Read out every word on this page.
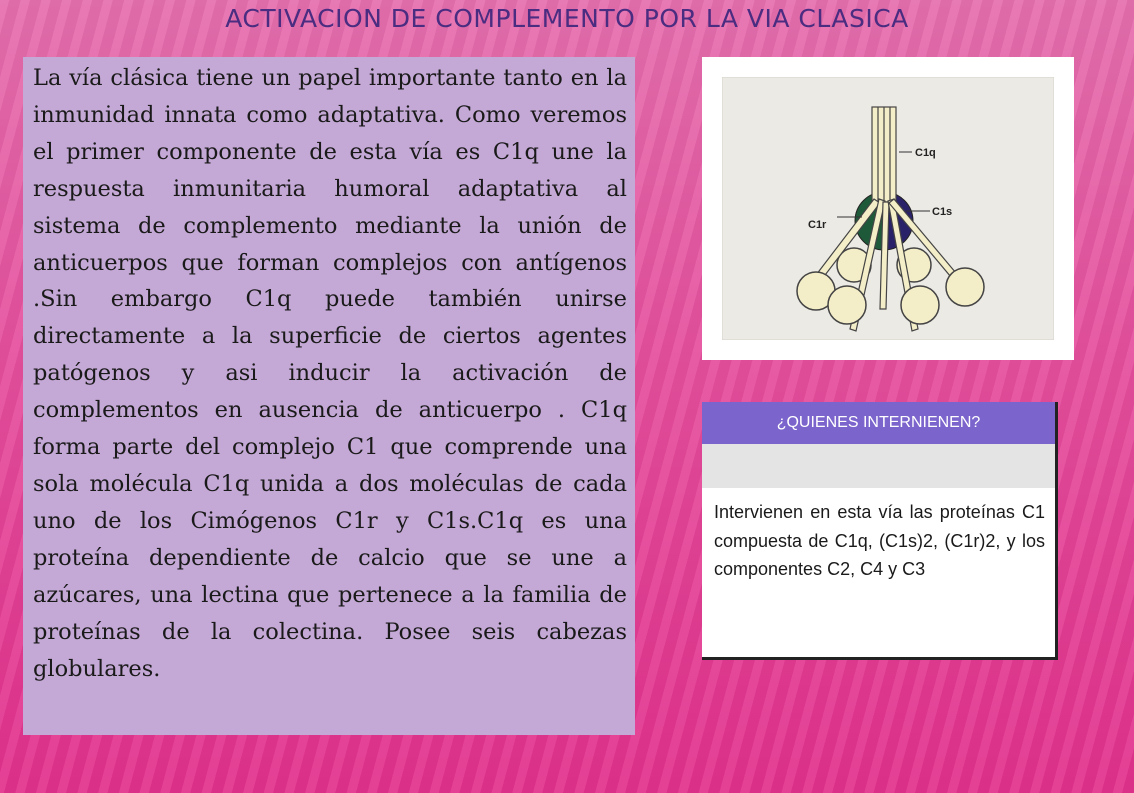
ACTIVACION DE COMPLEMENTO POR LA VIA CLASICA

La vía clásica tiene un papel importante tanto en la inmunidad innata como adaptativa. Como veremos el primer componente de esta vía es C1q une la respuesta inmunitaria humoral adaptativa al sistema de complemento mediante la unión de anticuerpos que forman complejos con antígenos .Sin embargo C1q puede también unirse directamente a la superficie de ciertos agentes patógenos y asi inducir la activación de complementos en ausencia de anticuerpo . C1q forma parte del complejo C1 que comprende una sola molécula C1q unida a dos moléculas de cada uno de los Cimógenos C1r y C1s.C1q es una proteína dependiente de calcio que se une a azúcares, una lectina que pertenece a la familia de proteínas de la colectina. Posee seis cabezas globulares.

C1q
C1r
C1s
¿QUIENES INTERNIENEN?

Intervienen en esta vía las proteínas C1 compuesta de C1q, (C1s)2, (C1r)2, y los componentes C2, C4 y C3
